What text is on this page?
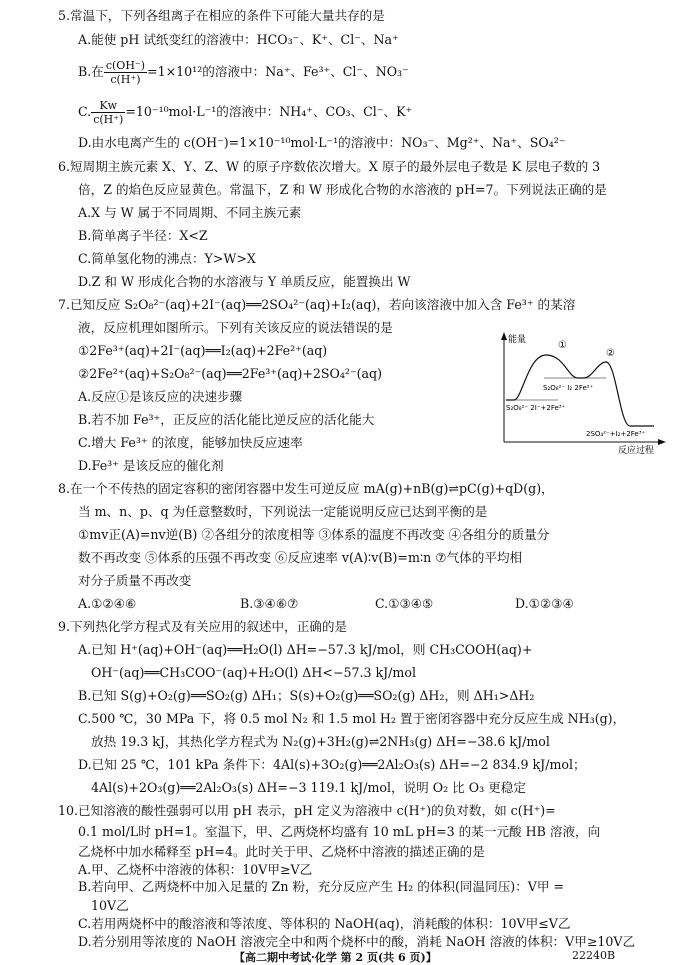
5.常温下，下列各组离子在相应的条件下可能大量共存的是
A.能使 pH 试纸变红的溶液中：HCO₃⁻、K⁺、Cl⁻、Na⁺
B.在 $\frac{c(OH^-)}{c(H^+)} =1\times 10^{12}$的溶液中：Na⁺、Fe³⁺、Cl⁻、NO₃⁻
C. $\frac{Kw}{c(H^+)} =10^{-10}mol\cdot L^{-1}$的溶液中：NH₄⁺、CO₃、Cl⁻、K⁺
D.由水电离产生的 c(OH⁻)=1×10⁻¹⁰mol·L⁻¹的溶液中：NO₃⁻、Mg²⁺、Na⁺、SO₄²⁻
6.短周期主族元素 X、Y、Z、W 的原子序数依次增大。X 原子的最外层电子数是 K 层电子数的 3
倍，Z 的焰色反应显黄色。常温下，Z 和 W 形成化合物的水溶液的 pH=7。下列说法正确的是
A.X 与 W 属于不同周期、不同主族元素
B.简单离子半径：X<Z
C.简单氢化物的沸点：Y>W>X
D.Z 和 W 形成化合物的水溶液与 Y 单质反应，能置换出 W
7.已知反应 S₂O₈²⁻(aq)+2I⁻(aq)══2SO₄²⁻(aq)+I₂(aq)，若向该溶液中加入含 Fe³⁺ 的某溶
液，反应机理如图所示。下列有关该反应的说法错误的是
①2Fe³⁺(aq)+2I⁻(aq)══I₂(aq)+2Fe²⁺(aq)
②2Fe²⁺(aq)+S₂O₈²⁻(aq)══2Fe³⁺(aq)+2SO₄²⁻(aq)
A.反应①是该反应的决速步骤
B.若不加 Fe³⁺，正反应的活化能比逆反应的活化能大
C.增大 Fe³⁺ 的浓度，能够加快反应速率
D.Fe³⁺ 是该反应的催化剂
能量
反应过程
①
②
S₂O₈²⁻ I₂ 2Fe²⁺
S₂O₈²⁻ 2I⁻+2Fe³⁺
2SO₄²⁻+I₂+2Fe³⁺
8.在一个不传热的固定容积的密闭容器中发生可逆反应 mA(g)+nB(g)⇌pC(g)+qD(g)，
当 m、n、p、q 为任意整数时，下列说法一定能说明反应已达到平衡的是
①mv正(A)=nv逆(B) ②各组分的浓度相等 ③体系的温度不再改变 ④各组分的质量分
数不再改变 ⑤体系的压强不再改变 ⑥反应速率 v(A)∶v(B)=m∶n ⑦气体的平均相
对分子质量不再改变
A.①②④⑥	B.③④⑥⑦	C.①③④⑤	D.①②③④
9.下列热化学方程式及有关应用的叙述中，正确的是
A.已知 H⁺(aq)+OH⁻(aq)══H₂O(l) ΔH=−57.3 kJ/mol，则 CH₃COOH(aq)+
OH⁻(aq)══CH₃COO⁻(aq)+H₂O(l) ΔH<−57.3 kJ/mol
B.已知 S(g)+O₂(g)══SO₂(g) ΔH₁；S(s)+O₂(g)══SO₂(g) ΔH₂，则 ΔH₁>ΔH₂
C.500 ℃，30 MPa 下，将 0.5 mol N₂ 和 1.5 mol H₂ 置于密闭容器中充分反应生成 NH₃(g)，
放热 19.3 kJ，其热化学方程式为 N₂(g)+3H₂(g)⇌2NH₃(g) ΔH=−38.6 kJ/mol
D.已知 25 ℃，101 kPa 条件下：4Al(s)+3O₂(g)══2Al₂O₃(s) ΔH=−2 834.9 kJ/mol；
4Al(s)+2O₃(g)══2Al₂O₃(s) ΔH=−3 119.1 kJ/mol，说明 O₂ 比 O₃ 更稳定
10.已知溶液的酸性强弱可以用 pH 表示，pH 定义为溶液中 c(H⁺)的负对数，如 c(H⁺)=
0.1 mol/L时 pH=1。室温下，甲、乙两烧杯均盛有 10 mL pH=3 的某一元酸 HB 溶液，向
乙烧杯中加水稀释至 pH=4。此时关于甲、乙烧杯中溶液的描述正确的是
A.甲、乙烧杯中溶液的体积：10V甲≥V乙
B.若向甲、乙两烧杯中加入足量的 Zn 粉，充分反应产生 H₂ 的体积(同温同压)：V甲 =
10V乙
【高二期中考试·化学 第 2 页(共 6 页)】	22240B
C.若用两烧杯中的酸溶液和等浓度、等体积的 NaOH(aq)，消耗酸的体积：10V甲≤V乙
D.若分别用等浓度的 NaOH 溶液完全中和两个烧杯中的酸，消耗 NaOH 溶液的体积：V甲≥10V乙
